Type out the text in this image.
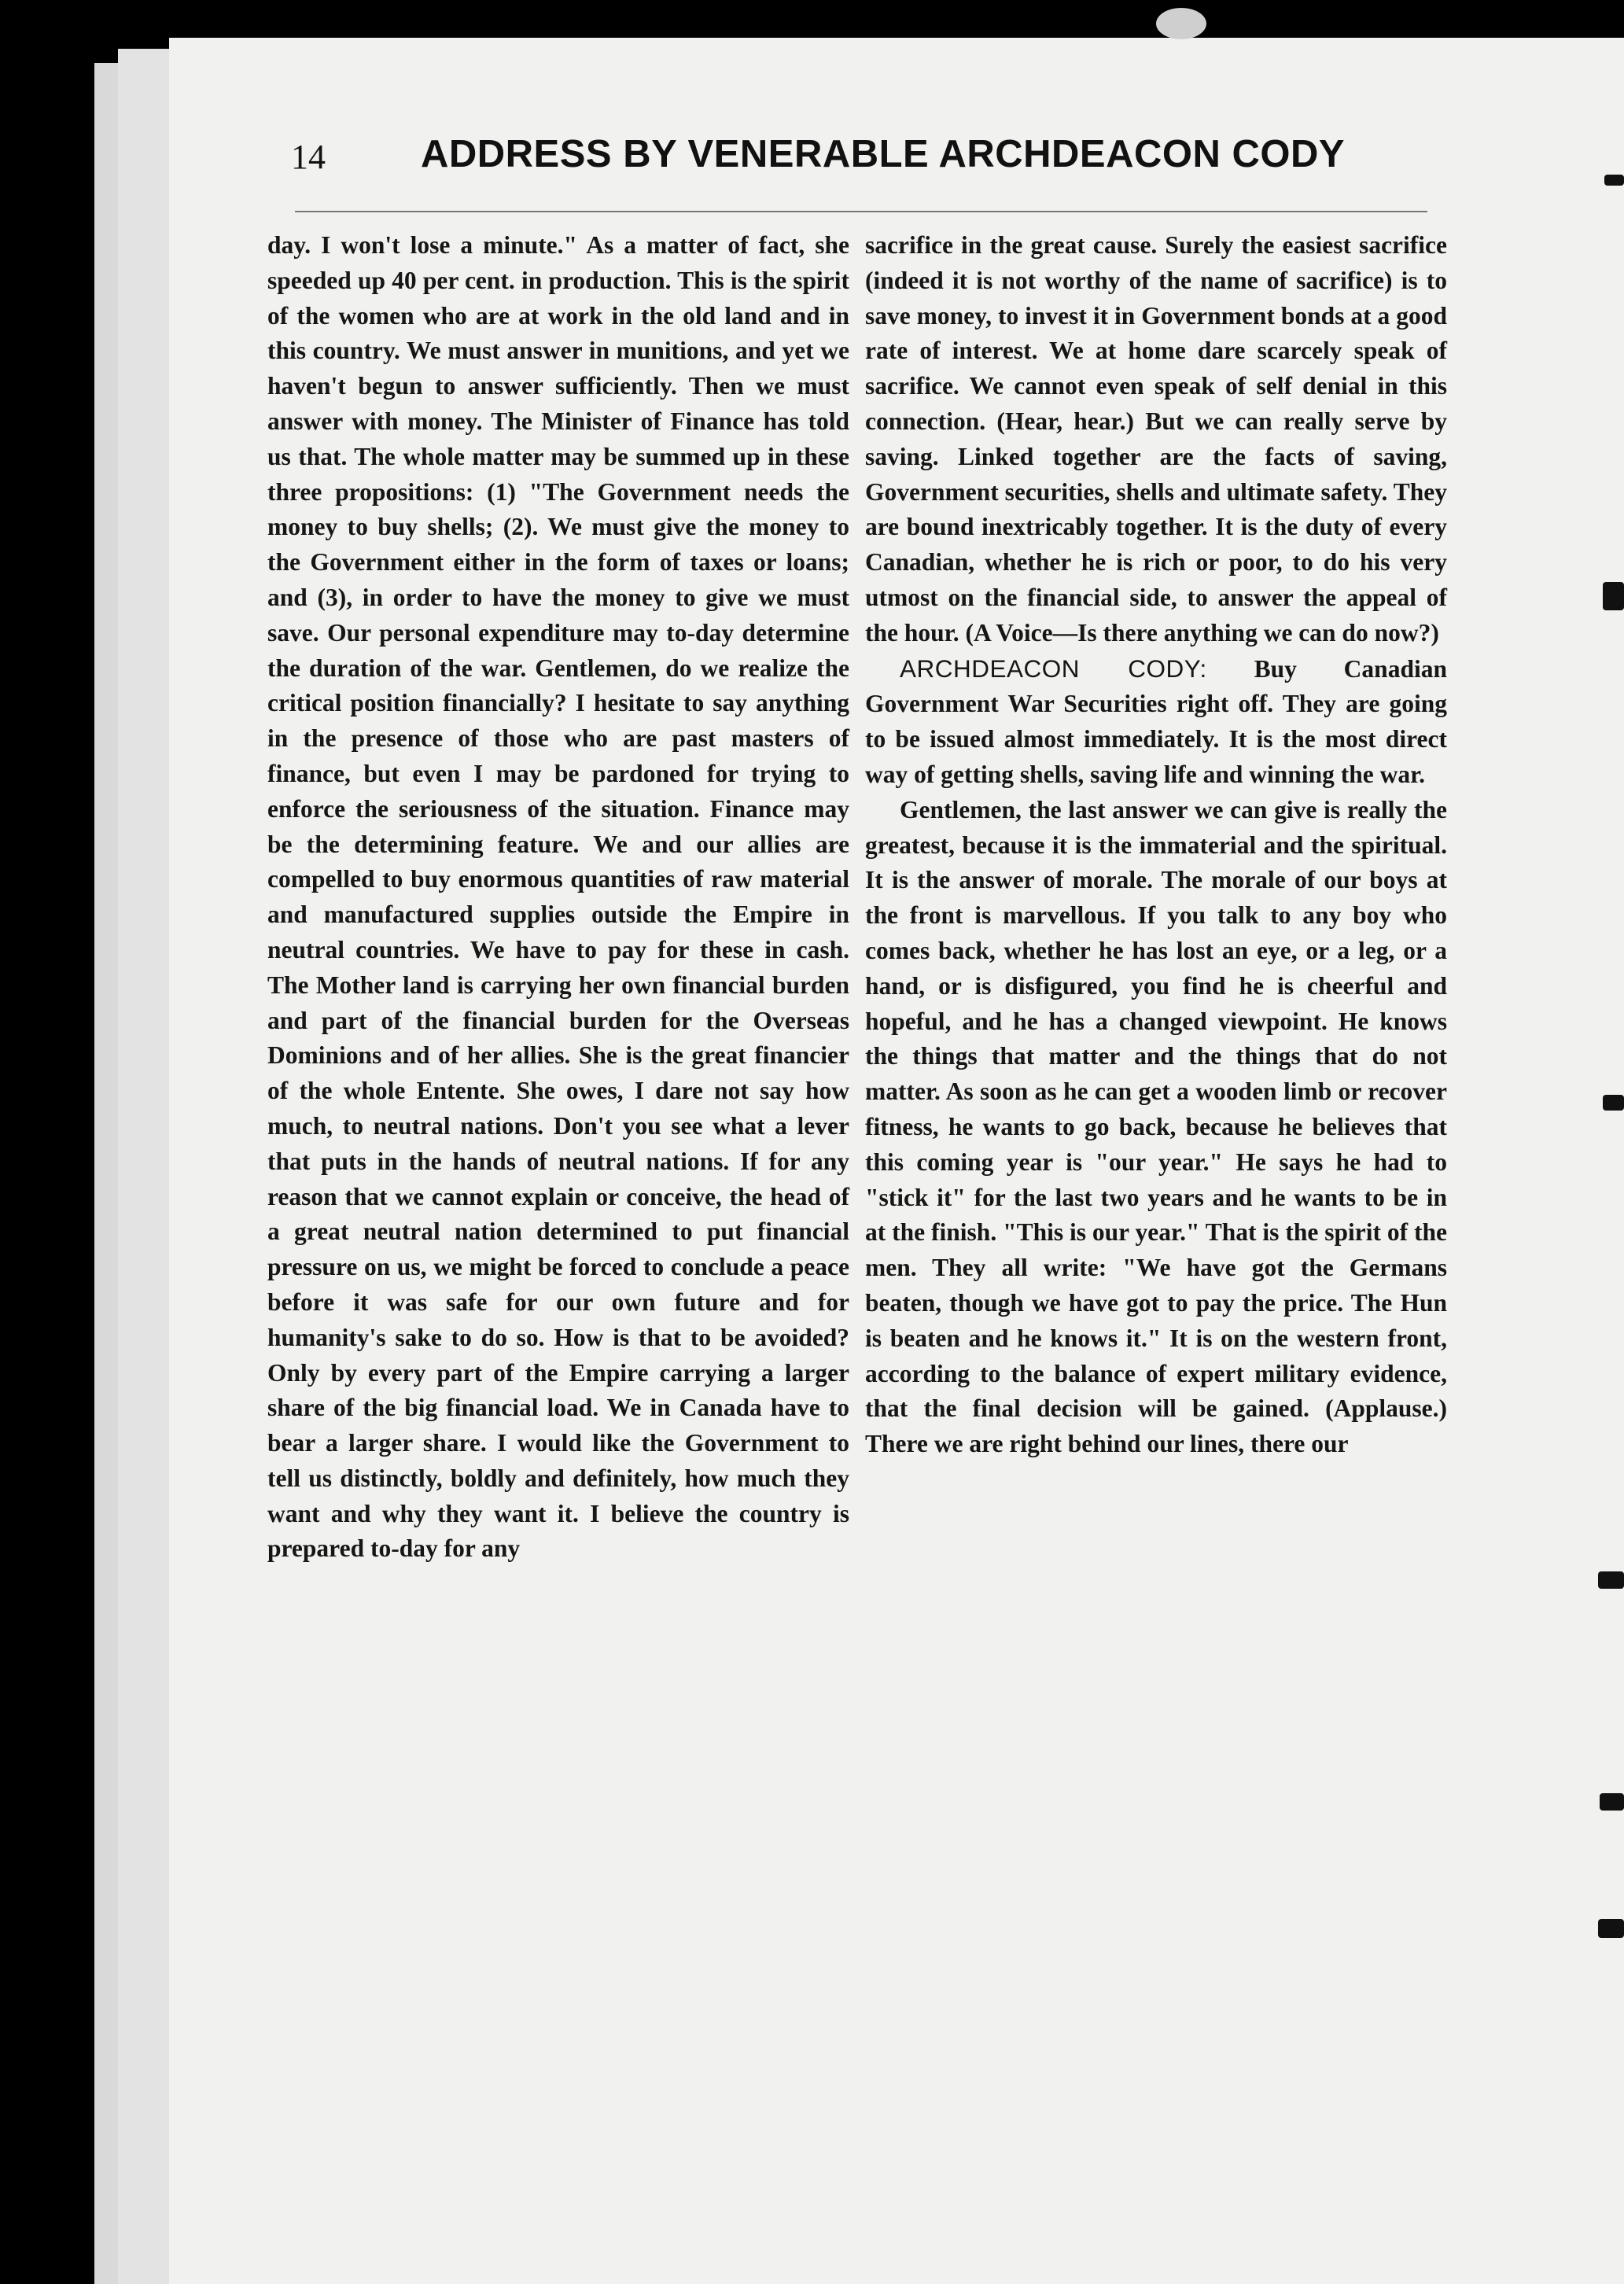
14 ADDRESS BY VENERABLE ARCHDEACON CODY

day. I won't lose a minute." As a matter of fact, she speeded up 40 per cent. in production. This is the spirit of the women who are at work in the old land and in this country. We must answer in munitions, and yet we haven't begun to answer sufficiently. Then we must answer with money. The Minister of Finance has told us that. The whole matter may be summed up in these three propositions: (1) "The Government needs the money to buy shells; (2). We must give the money to the Government either in the form of taxes or loans; and (3), in order to have the money to give we must save. Our personal expenditure may to-day determine the duration of the war. Gentlemen, do we realize the critical position financially? I hesitate to say anything in the presence of those who are past masters of finance, but even I may be pardoned for trying to enforce the seriousness of the situation. Finance may be the determining feature. We and our allies are compelled to buy enormous quantities of raw material and manufactured supplies outside the Empire in neutral countries. We have to pay for these in cash. The Mother land is carrying her own financial burden and part of the financial burden for the Overseas Dominions and of her allies. She is the great financier of the whole Entente. She owes, I dare not say how much, to neutral nations. Don't you see what a lever that puts in the hands of neutral nations. If for any reason that we cannot explain or conceive, the head of a great neutral nation determined to put financial pressure on us, we might be forced to conclude a peace before it was safe for our own future and for humanity's sake to do so. How is that to be avoided? Only by every part of the Empire carrying a larger share of the big financial load. We in Canada have to bear a larger share. I would like the Government to tell us distinctly, boldly and definitely, how much they want and why they want it. I believe the country is prepared to-day for any

sacrifice in the great cause. Surely the easiest sacrifice (indeed it is not worthy of the name of sacrifice) is to save money, to invest it in Government bonds at a good rate of interest. We at home dare scarcely speak of sacrifice. We cannot even speak of self denial in this connection. (Hear, hear.) But we can really serve by saving. Linked together are the facts of saving, Government securities, shells and ultimate safety. They are bound inextricably together. It is the duty of every Canadian, whether he is rich or poor, to do his very utmost on the financial side, to answer the appeal of the hour. (A Voice—Is there anything we can do now?)

ARCHDEACON CODY: Buy Canadian Government War Securities right off. They are going to be issued almost immediately. It is the most direct way of getting shells, saving life and winning the war.

Gentlemen, the last answer we can give is really the greatest, because it is the immaterial and the spiritual. It is the answer of morale. The morale of our boys at the front is marvellous. If you talk to any boy who comes back, whether he has lost an eye, or a leg, or a hand, or is disfigured, you find he is cheerful and hopeful, and he has a changed viewpoint. He knows the things that matter and the things that do not matter. As soon as he can get a wooden limb or recover fitness, he wants to go back, because he believes that this coming year is "our year." He says he had to "stick it" for the last two years and he wants to be in at the finish. "This is our year." That is the spirit of the men. They all write: "We have got the Germans beaten, though we have got to pay the price. The Hun is beaten and he knows it." It is on the western front, according to the balance of expert military evidence, that the final decision will be gained. (Applause.) There we are right behind our lines, there our
